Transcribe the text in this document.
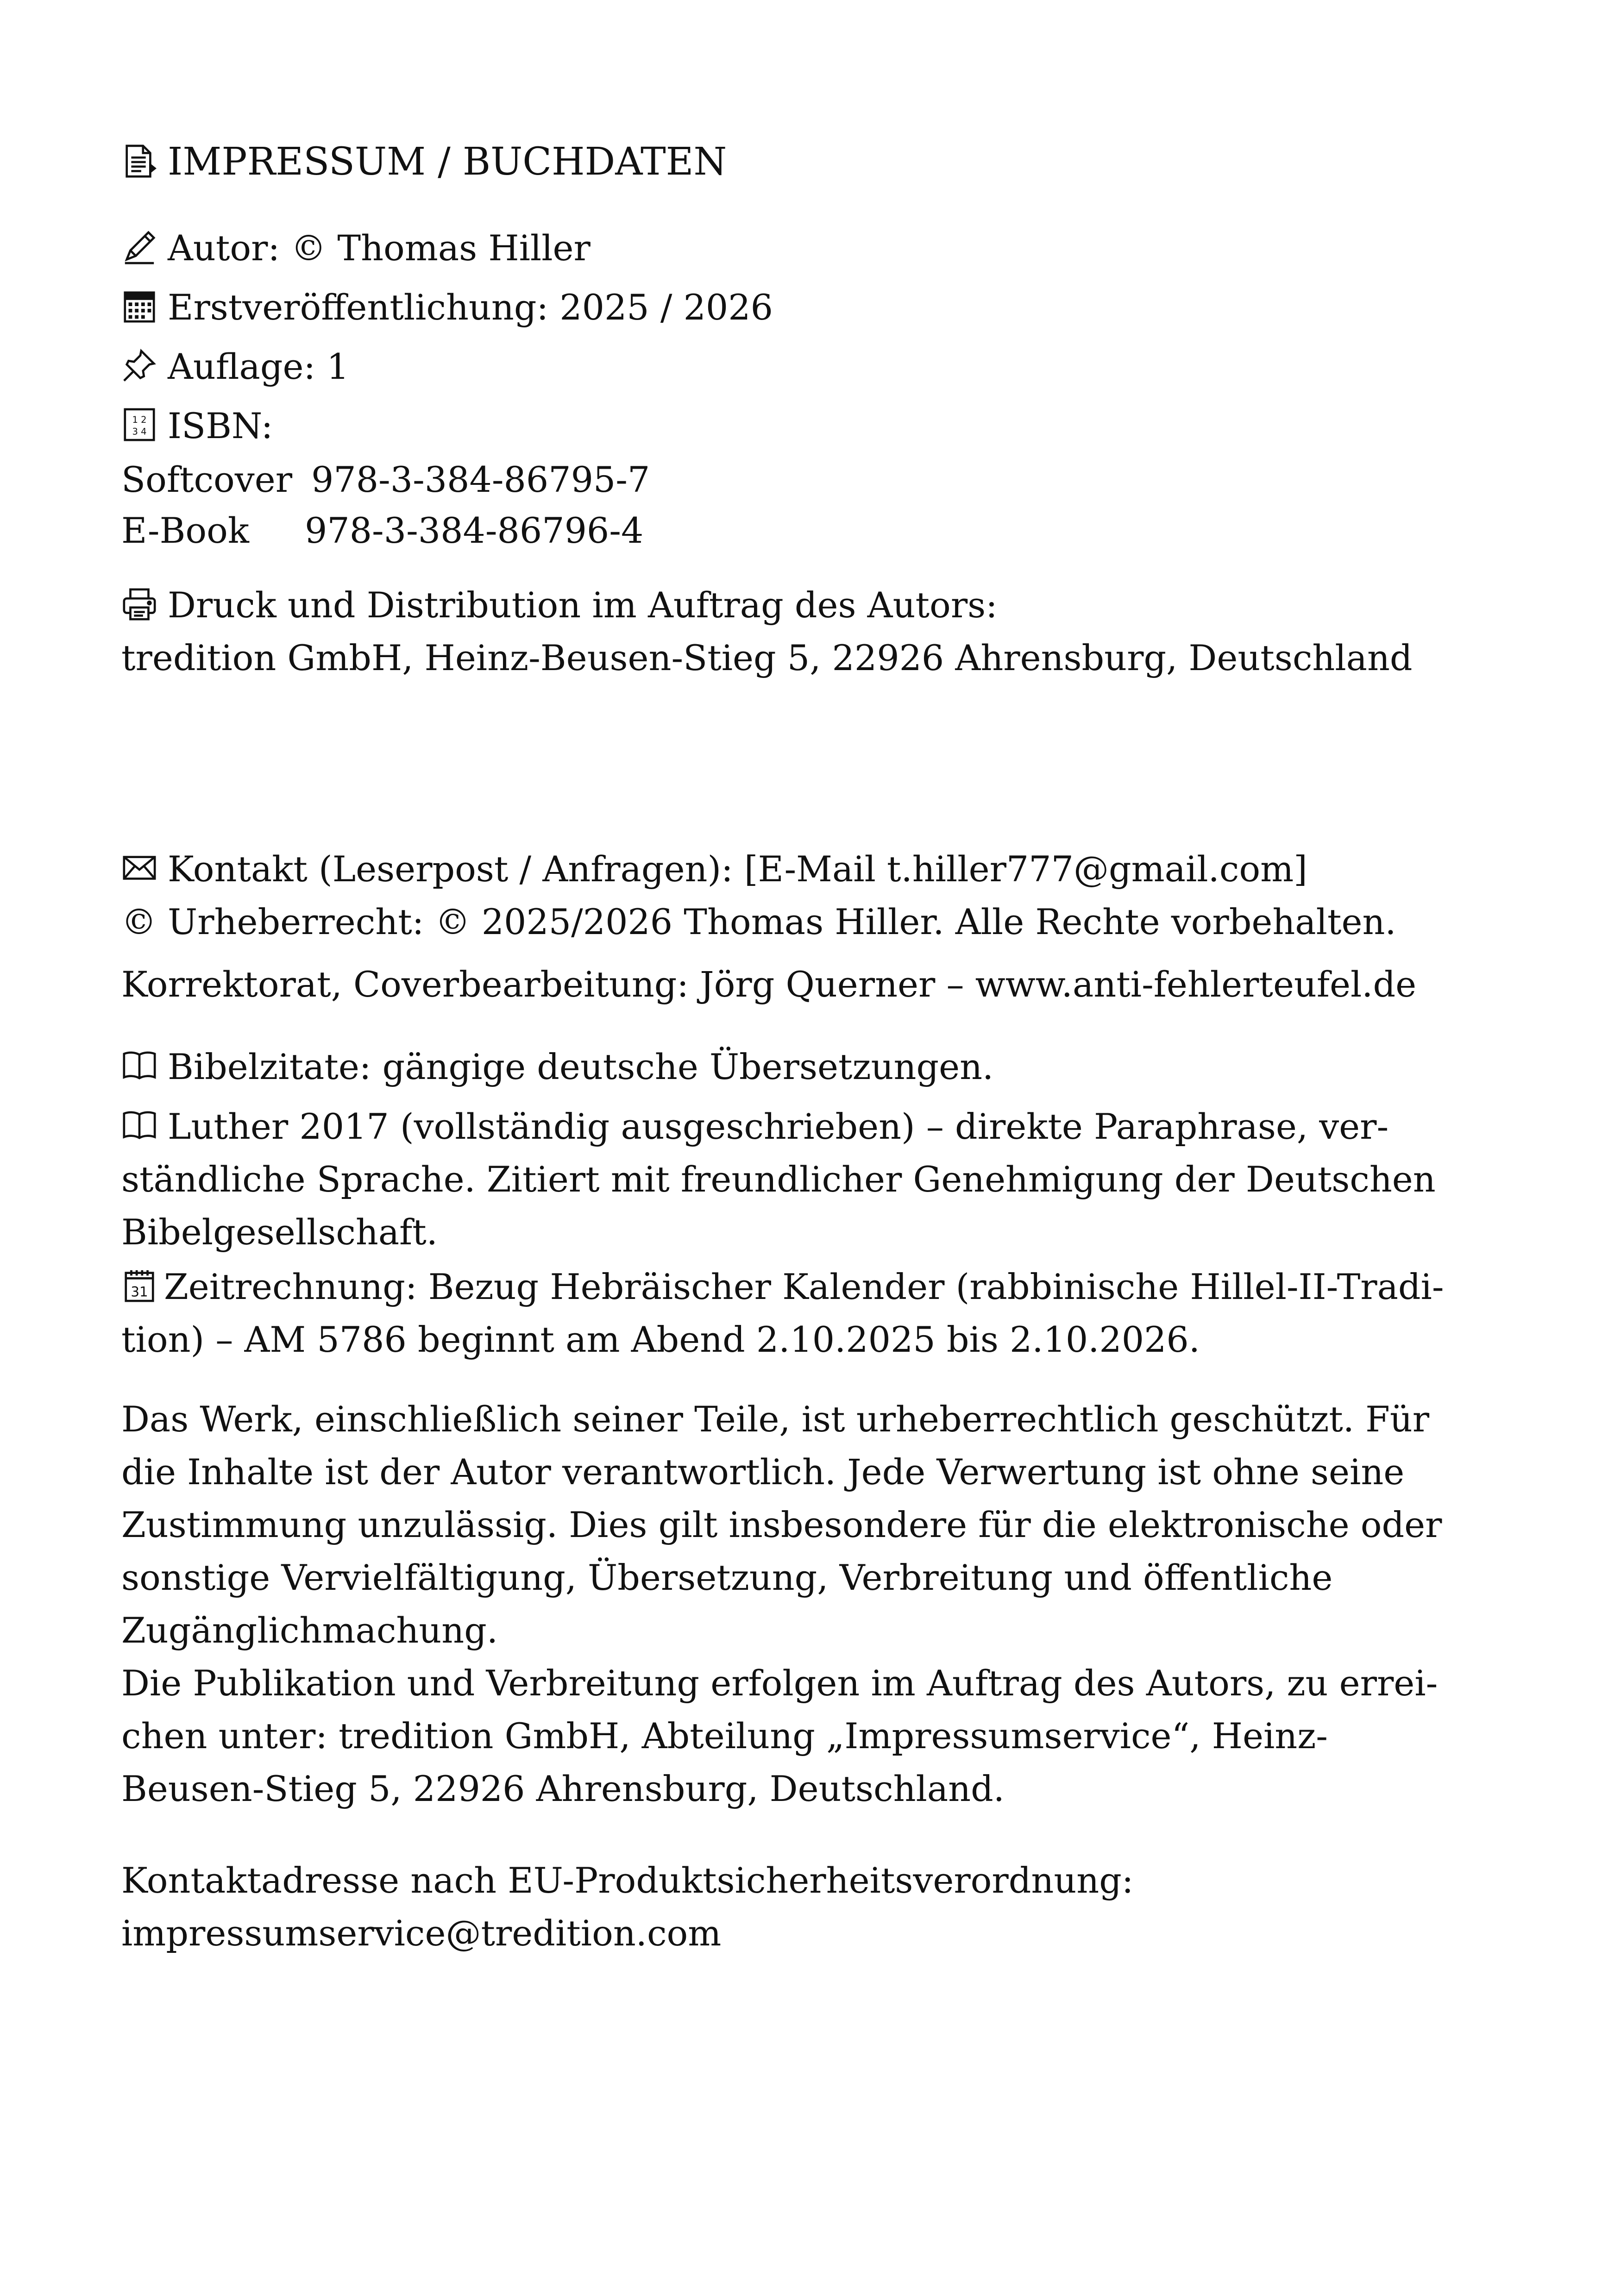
IMPRESSUM / BUCHDATEN
Autor: © Thomas Hiller
Erstveröffentlichung: 2025 / 2026
Auflage: 1
1 2
3 4 ISBN:
Softcover 978-3-384-86795-7
E-Book 978-3-384-86796-4
Druck und Distribution im Auftrag des Autors:
tredition GmbH, Heinz-Beusen-Stieg 5, 22926 Ahrensburg, Deutschland
Kontakt (Leserpost / Anfragen): [E-Mail t.hiller777@gmail.com]
© Urheberrecht: © 2025/2026 Thomas Hiller. Alle Rechte vorbehalten.
Korrektorat, Coverbearbeitung: Jörg Querner – www.anti-fehlerteufel.de
Bibelzitate: gängige deutsche Übersetzungen.
Luther 2017 (vollständig ausgeschrieben) – direkte Paraphrase, ver-
ständliche Sprache. Zitiert mit freundlicher Genehmigung der Deutschen
Bibelgesellschaft.
31 Zeitrechnung: Bezug Hebräischer Kalender (rabbinische Hillel-II-Tradi-
tion) – AM 5786 beginnt am Abend 2.10.2025 bis 2.10.2026.
Das Werk, einschließlich seiner Teile, ist urheberrechtlich geschützt. Für
die Inhalte ist der Autor verantwortlich. Jede Verwertung ist ohne seine
Zustimmung unzulässig. Dies gilt insbesondere für die elektronische oder
sonstige Vervielfältigung, Übersetzung, Verbreitung und öffentliche
Zugänglichmachung.
Die Publikation und Verbreitung erfolgen im Auftrag des Autors, zu errei-
chen unter: tredition GmbH, Abteilung „Impressumservice“, Heinz-
Beusen-Stieg 5, 22926 Ahrensburg, Deutschland.
Kontaktadresse nach EU-Produktsicherheitsverordnung:
impressumservice@tredition.com
